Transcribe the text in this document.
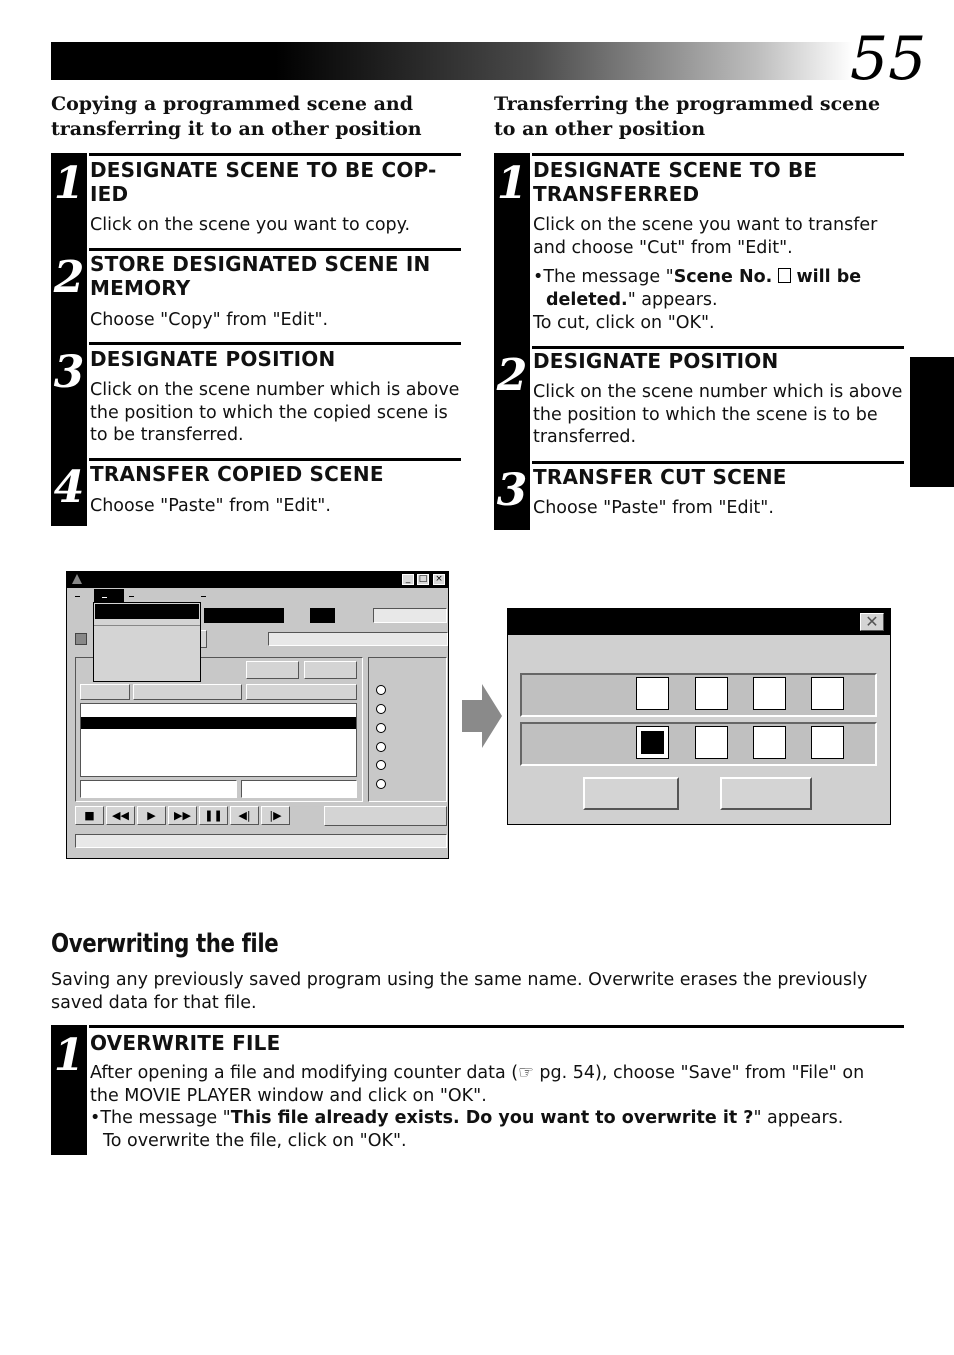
55
Copying a programmed scene and transferring it to an other position
1
2
3
4
DESIGNATE SCENE TO BE COP-IED

Click on the scene you want to copy.

STORE DESIGNATED SCENE IN MEMORY

Choose "Copy" from "Edit".

DESIGNATE POSITION

Click on the scene number which is above the position to which the copied scene is to be transferred.

TRANSFER COPIED SCENE

Choose "Paste" from "Edit".

Transferring the programmed scene to an other position
1
2
3
DESIGNATE SCENE TO BE TRANSFERRED

Click on the scene you want to transfer and choose "Cut" from "Edit".

•The message "Scene No. will be deleted." appears.

To cut, click on "OK".

DESIGNATE POSITION

Click on the scene number which is above the position to which the scene is to be transferred.

TRANSFER CUT SCENE

Choose "Paste" from "Edit".

_ □ ×
■	◀◀	▶	▶▶	❚❚	◀|	|▶
✕
Overwriting the file

Saving any previously saved program using the same name. Overwrite erases the previously saved data for that file.

1 OVERWRITE FILE

After opening a file and modifying counter data (☞ pg. 54), choose "Save" from "File" on the MOVIE PLAYER window and click on "OK".

•The message "This file already exists. Do you want to overwrite it ?" appears.
To overwrite the file, click on "OK".
